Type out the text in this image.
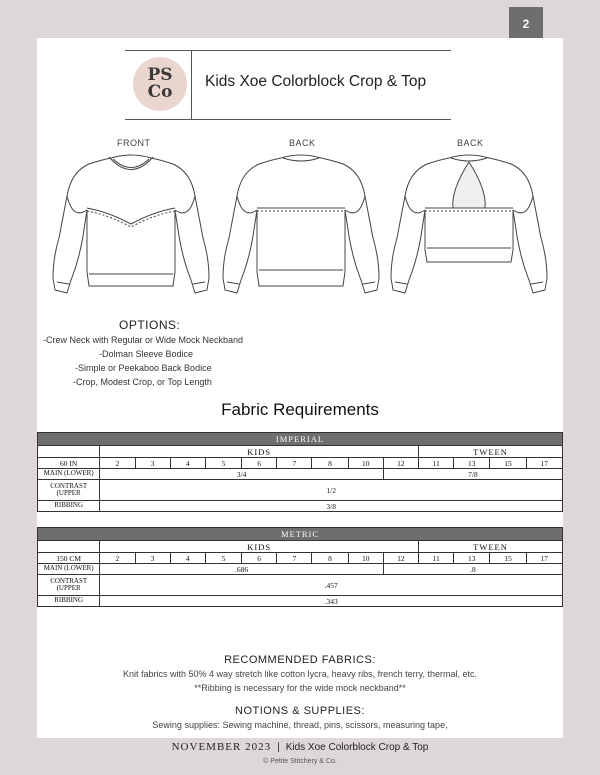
2
PS
Co
Kids Xoe Colorblock Crop & Top
FRONT	BACK	BACK
OPTIONS:
-Crew Neck with Regular or Wide Mock Neckband
-Dolman Sleeve Bodice
-Simple or Peekaboo Back Bodice
-Crop, Modest Crop, or Top Length
Fabric Requirements
IMPERIAL													
	KIDS									TWEEN			
60 IN	2	3	4	5	6	7	8	10	12	11	13	15	17
MAIN (LOWER)	3/4								7/8				
CONTRAST
(UPPER	1/2												
RIBBING	3/8												
METRIC													
	KIDS									TWEEN			
150 CM	2	3	4	5	6	7	8	10	12	11	13	15	17
MAIN (LOWER)	.686								.8				
CONTRAST
(UPPER	.457												
RIBBING	.343												
RECOMMENDED FABRICS:
Knit fabrics with 50% 4 way stretch like cotton lycra, heavy ribs, french terry, thermal, etc.
**Ribbing is necessary for the wide mock neckband**
NOTIONS & SUPPLIES:
Sewing supplies: Sewing machine, thread, pins, scissors, measuring tape,
NOVEMBER 2023 | Kids Xoe Colorblock Crop & Top
© Petite Stitchery & Co.
